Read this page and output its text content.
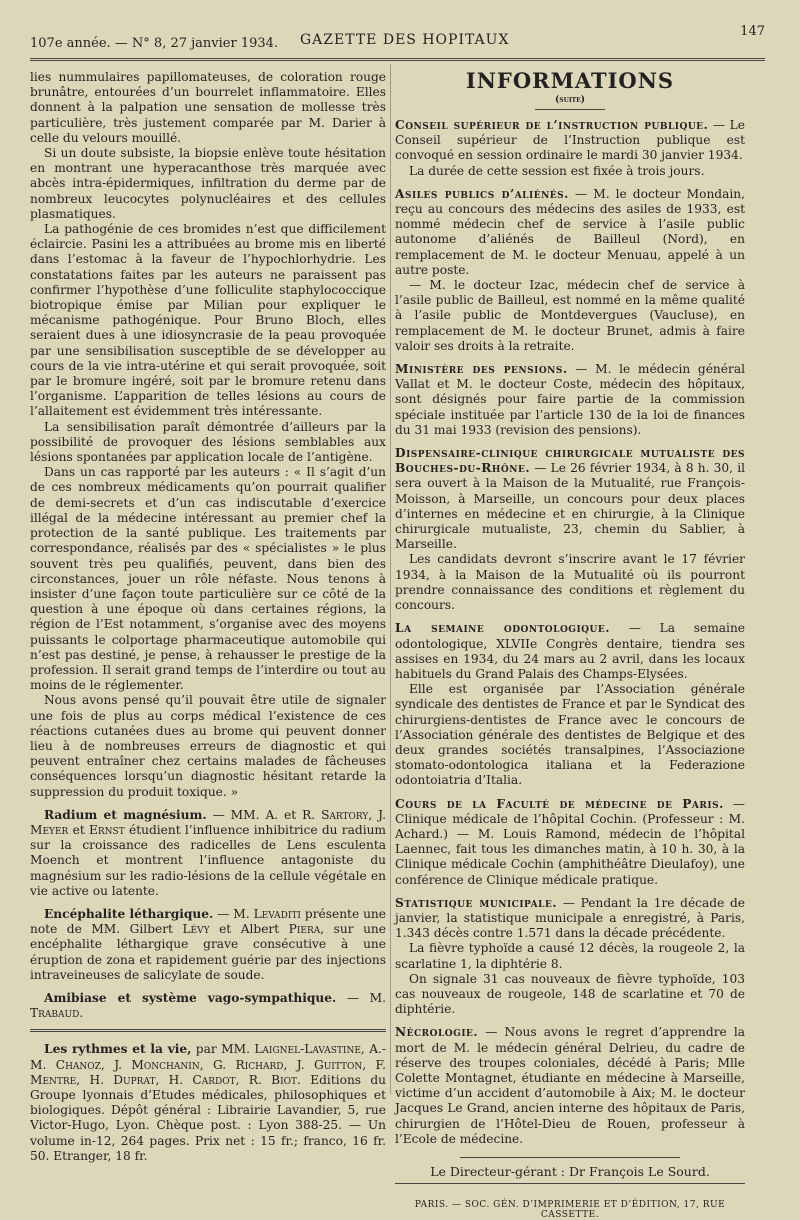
107e année. — N° 8, 27 janvier 1934. GAZETTE DES HOPITAUX
147

lies nummulaires papillomateuses, de coloration rouge brunâtre, entourées d’un bourrelet inflammatoire. Elles donnent à la palpation une sensation de mollesse très particulière, très justement comparée par M. Darier à celle du velours mouillé.

Si un doute subsiste, la biopsie enlève toute hésitation en montrant une hyperacanthose très marquée avec abcès intra-épidermiques, infiltration du derme par de nombreux leucocytes polynucléaires et des cellules plasmatiques.

La pathogénie de ces bromides n’est que difficilement éclaircie. Pasini les a attribuées au brome mis en liberté dans l’estomac à la faveur de l’hypochlorhydrie. Les constatations faites par les auteurs ne paraissent pas confirmer l’hypothèse d’une folliculite staphylococcique biotropique émise par Milian pour expliquer le mécanisme pathogénique. Pour Bruno Bloch, elles seraient dues à une idiosyncrasie de la peau provoquée par une sensibilisation susceptible de se développer au cours de la vie intra-utérine et qui serait provoquée, soit par le bromure ingéré, soit par le bromure retenu dans l’organisme. L’apparition de telles lésions au cours de l’allaitement est évidemment très intéressante.

La sensibilisation paraît démontrée d’ailleurs par la possibilité de provoquer des lésions semblables aux lésions spontanées par application locale de l’antigène.

Dans un cas rapporté par les auteurs : « Il s’agit d’un de ces nombreux médicaments qu’on pourrait qualifier de demi-secrets et d’un cas indiscutable d’exercice illégal de la médecine intéressant au premier chef la protection de la santé publique. Les traitements par correspondance, réalisés par des « spécialistes » le plus souvent très peu qualifiés, peuvent, dans bien des circonstances, jouer un rôle néfaste. Nous tenons à insister d’une façon toute particulière sur ce côté de la question à une époque où dans certaines régions, la région de l’Est notamment, s’organise avec des moyens puissants le colportage pharmaceutique automobile qui n’est pas destiné, je pense, à rehausser le prestige de la profession. Il serait grand temps de l’interdire ou tout au moins de le réglementer.

Nous avons pensé qu’il pouvait être utile de signaler une fois de plus au corps médical l’existence de ces réactions cutanées dues au brome qui peuvent donner lieu à de nombreuses erreurs de diagnostic et qui peuvent entraîner chez certains malades de fâcheuses conséquences lorsqu’un diagnostic hésitant retarde la suppression du produit toxique. »

Radium et magnésium. — MM. A. et R. Sartory, J. Meyer et Ernst étudient l’influence inhibitrice du radium sur la croissance des radicelles de Lens esculenta Moench et montrent l’influence antagoniste du magnésium sur les radio-lésions de la cellule végétale en vie active ou latente.

Encéphalite léthargique. — M. Levaditi présente une note de MM. Gilbert Lévy et Albert Piera, sur une encéphalite léthargique grave consécutive à une éruption de zona et rapidement guérie par des injections intraveineuses de salicylate de soude.

Amibiase et système vago-sympathique. — M. Trabaud.

Les rythmes et la vie, par MM. Laignel-Lavastine, A.-M. Chanoz, J. Monchanin, G. Richard, J. Guitton, F. Mentre, H. Duprat, H. Cardot, R. Biot. Editions du Groupe lyonnais d’Etudes médicales, philosophiques et biologiques. Dépôt général : Librairie Lavandier, 5, rue Victor-Hugo, Lyon. Chèque post. : Lyon 388-25. — Un volume in-12, 264 pages. Prix net : 15 fr.; franco, 16 fr. 50. Etranger, 18 fr.

INFORMATIONS
(suite)

Conseil supérieur de l’instruction publique. — Le Conseil supérieur de l’Instruction publique est convoqué en session ordinaire le mardi 30 janvier 1934.

La durée de cette session est fixée à trois jours.

Asiles publics d’aliénés. — M. le docteur Mondain, reçu au concours des médecins des asiles de 1933, est nommé médecin chef de service à l’asile public autonome d’aliénés de Bailleul (Nord), en remplacement de M. le docteur Menuau, appelé à un autre poste.

— M. le docteur Izac, médecin chef de service à l’asile public de Bailleul, est nommé en la même qualité à l’asile public de Montdevergues (Vaucluse), en remplacement de M. le docteur Brunet, admis à faire valoir ses droits à la retraite.

Ministère des pensions. — M. le médecin général Vallat et M. le docteur Coste, médecin des hôpitaux, sont désignés pour faire partie de la commission spéciale instituée par l’article 130 de la loi de finances du 31 mai 1933 (revision des pensions).

Dispensaire-clinique chirurgicale mutualiste des Bouches-du-Rhône. — Le 26 février 1934, à 8 h. 30, il sera ouvert à la Maison de la Mutualité, rue François-Moisson, à Marseille, un concours pour deux places d’internes en médecine et en chirurgie, à la Clinique chirurgicale mutualiste, 23, chemin du Sablier, à Marseille.

Les candidats devront s’inscrire avant le 17 février 1934, à la Maison de la Mutualité où ils pourront prendre connaissance des conditions et règlement du concours.

La semaine odontologique. — La semaine odontologique, XLVIIe Congrès dentaire, tiendra ses assises en 1934, du 24 mars au 2 avril, dans les locaux habituels du Grand Palais des Champs-Elysées.

Elle est organisée par l’Association générale syndicale des dentistes de France et par le Syndicat des chirurgiens-dentistes de France avec le concours de l’Association générale des dentistes de Belgique et des deux grandes sociétés transalpines, l’Associazione stomato-odontologica italiana et la Federazione odontoiatria d’Italia.

Cours de la Faculté de médecine de Paris. — Clinique médicale de l’hôpital Cochin. (Professeur : M. Achard.) — M. Louis Ramond, médecin de l’hôpital Laennec, fait tous les dimanches matin, à 10 h. 30, à la Clinique médicale Cochin (amphithéâtre Dieulafoy), une conférence de Clinique médicale pratique.

Statistique municipale. — Pendant la 1re décade de janvier, la statistique municipale a enregistré, à Paris, 1.343 décès contre 1.571 dans la décade précédente.

La fièvre typhoïde a causé 12 décès, la rougeole 2, la scarlatine 1, la diphtérie 8.

On signale 31 cas nouveaux de fièvre typhoïde, 103 cas nouveaux de rougeole, 148 de scarlatine et 70 de diphtérie.

Nécrologie. — Nous avons le regret d’apprendre la mort de M. le médecin général Delrieu, du cadre de réserve des troupes coloniales, décédé à Paris; Mlle Colette Montagnet, étudiante en médecine à Marseille, victime d’un accident d’automobile à Aix; M. le docteur Jacques Le Grand, ancien interne des hôpitaux de Paris, chirurgien de l’Hôtel-Dieu de Rouen, professeur à l’Ecole de médecine.

Le Directeur-gérant : Dr François Le Sourd.
PARIS. — SOC. GÉN. D’IMPRIMERIE ET D’ÉDITION, 17, RUE CASSETTE.
